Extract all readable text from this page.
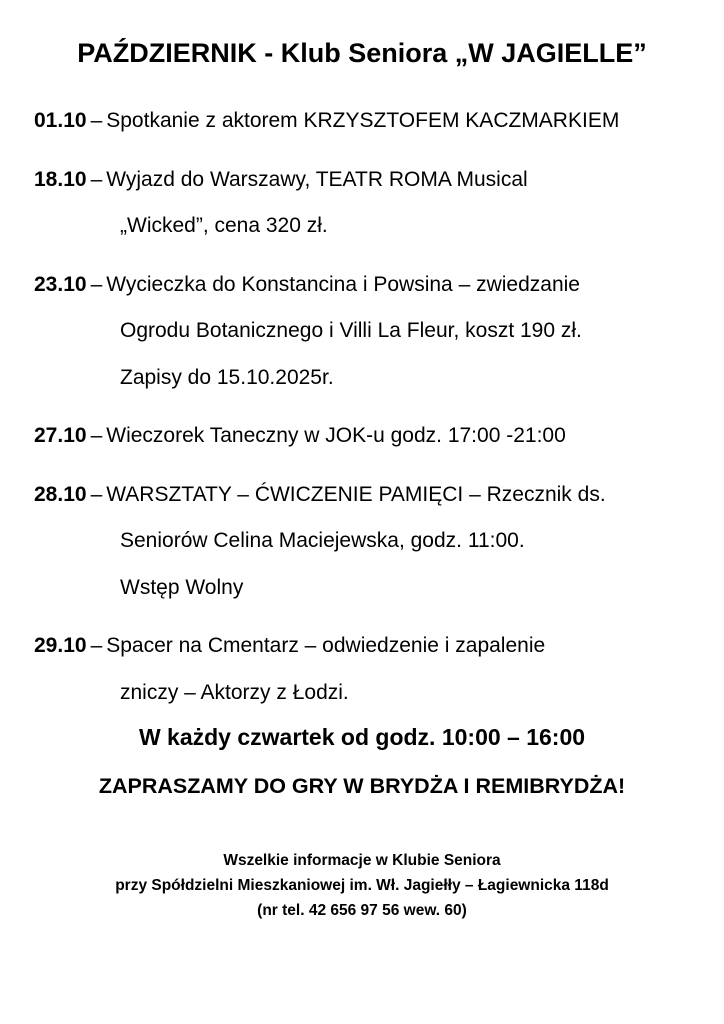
PAŹDZIERNIK - Klub Seniora „W JAGIELLE”
01.10 – Spotkanie z aktorem KRZYSZTOFEM KACZMARKIEM
18.10 – Wyjazd do Warszawy, TEATR ROMA Musical
„Wicked”, cena 320 zł.
23.10 – Wycieczka do Konstancina i Powsina – zwiedzanie
Ogrodu Botanicznego i Villi La Fleur, koszt 190 zł.
Zapisy do 15.10.2025r.
27.10 – Wieczorek Taneczny w JOK-u godz. 17:00 -21:00
28.10 – WARSZTATY – ĆWICZENIE PAMIĘCI – Rzecznik ds.
Seniorów Celina Maciejewska, godz. 11:00.
Wstęp Wolny
29.10 – Spacer na Cmentarz – odwiedzenie i zapalenie
zniczy – Aktorzy z Łodzi.
W każdy czwartek od godz. 10:00 – 16:00
ZAPRASZAMY DO GRY W BRYDŻA I REMIBRYDŻA!
Wszelkie informacje w Klubie Seniora
przy Spółdzielni Mieszkaniowej im. Wł. Jagiełły – Łagiewnicka 118d
(nr tel. 42 656 97 56 wew. 60)
